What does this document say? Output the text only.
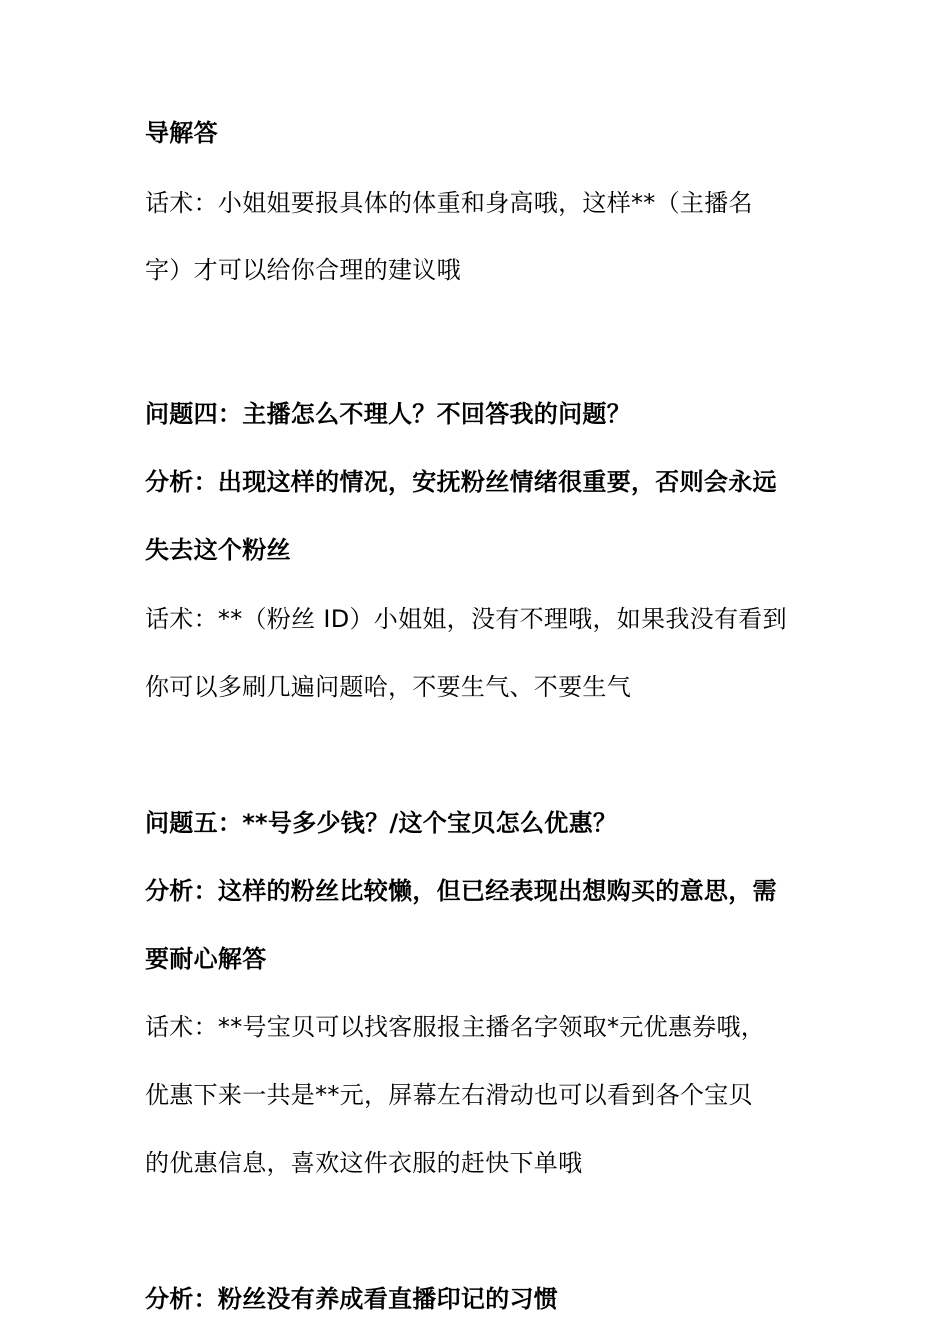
导解答
话术：小姐姐要报具体的体重和身高哦，这样**（主播名
字）才可以给你合理的建议哦
问题四：主播怎么不理人？不回答我的问题？
分析：出现这样的情况，安抚粉丝情绪很重要，否则会永远
失去这个粉丝
话术：**（粉丝 ID）小姐姐，没有不理哦，如果我没有看到
你可以多刷几遍问题哈，不要生气、不要生气
问题五：**号多少钱？/这个宝贝怎么优惠？
分析：这样的粉丝比较懒，但已经表现出想购买的意思，需
要耐心解答
话术：**号宝贝可以找客服报主播名字领取*元优惠券哦，
优惠下来一共是**元，屏幕左右滑动也可以看到各个宝贝
的优惠信息，喜欢这件衣服的赶快下单哦
分析：粉丝没有养成看直播印记的习惯
